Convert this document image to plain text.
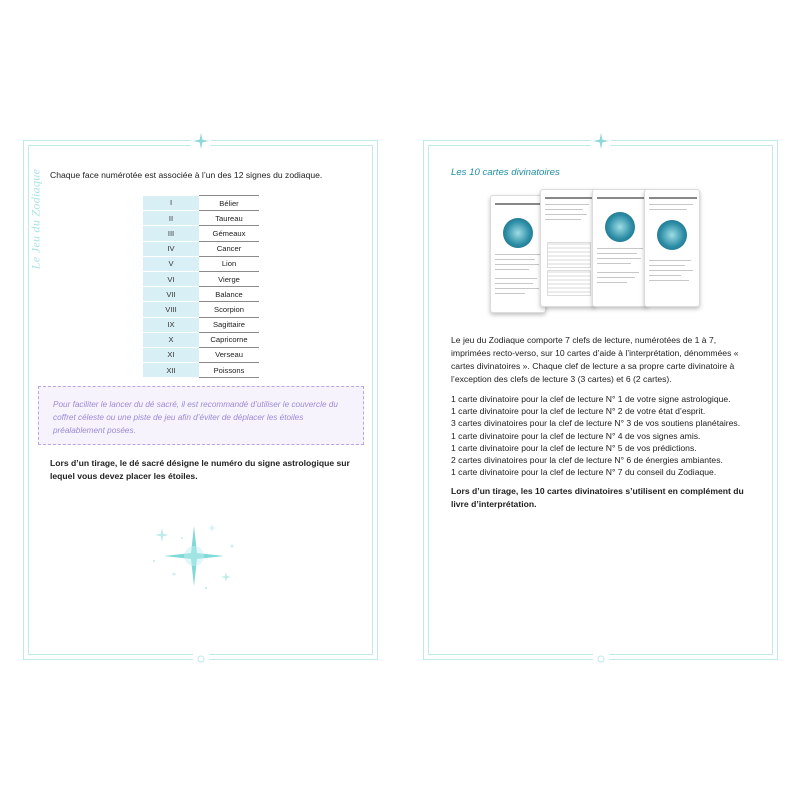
Le Jeu du Zodiaque Chaque face numérotée est associée à l’un des 12 signes du zodiaque.

I	Bélier
II	Taureau
III	Gémeaux
IV	Cancer
V	Lion
VI	Vierge
VII	Balance
VIII	Scorpion
IX	Sagittaire
X	Capricorne
XI	Verseau
XII	Poissons

Pour faciliter le lancer du dé sacré, il est recommandé d’utiliser le couvercle du coffret céleste ou une piste de jeu afin d’éviter de déplacer les étoiles préalablement posées.

Lors d’un tirage, le dé sacré désigne le numéro du signe astrologique sur lequel vous devez placer les étoiles.

Les 10 cartes divinatoires

Le jeu du Zodiaque comporte 7 clefs de lecture, numérotées de 1 à 7, imprimées recto-verso, sur 10 cartes d’aide à l’interprétation, dénommées « cartes divinatoires ». Chaque clef de lecture a sa propre carte divinatoire à l’exception des clefs de lecture 3 (3 cartes) et 6 (2 cartes).

1 carte divinatoire pour la clef de lecture N° 1 de votre signe astrologique.
1 carte divinatoire pour la clef de lecture N° 2 de votre état d’esprit.
3 cartes divinatoires pour la clef de lecture N° 3 de vos soutiens planétaires.
1 carte divinatoire pour la clef de lecture N° 4 de vos signes amis.
1 carte divinatoire pour la clef de lecture N° 5 de vos prédictions.
2 cartes divinatoires pour la clef de lecture N° 6 de énergies ambiantes.
1 carte divinatoire pour la clef de lecture N° 7 du conseil du Zodiaque.

Lors d’un tirage, les 10 cartes divinatoires s’utilisent en complément du livre d’interprétation.
